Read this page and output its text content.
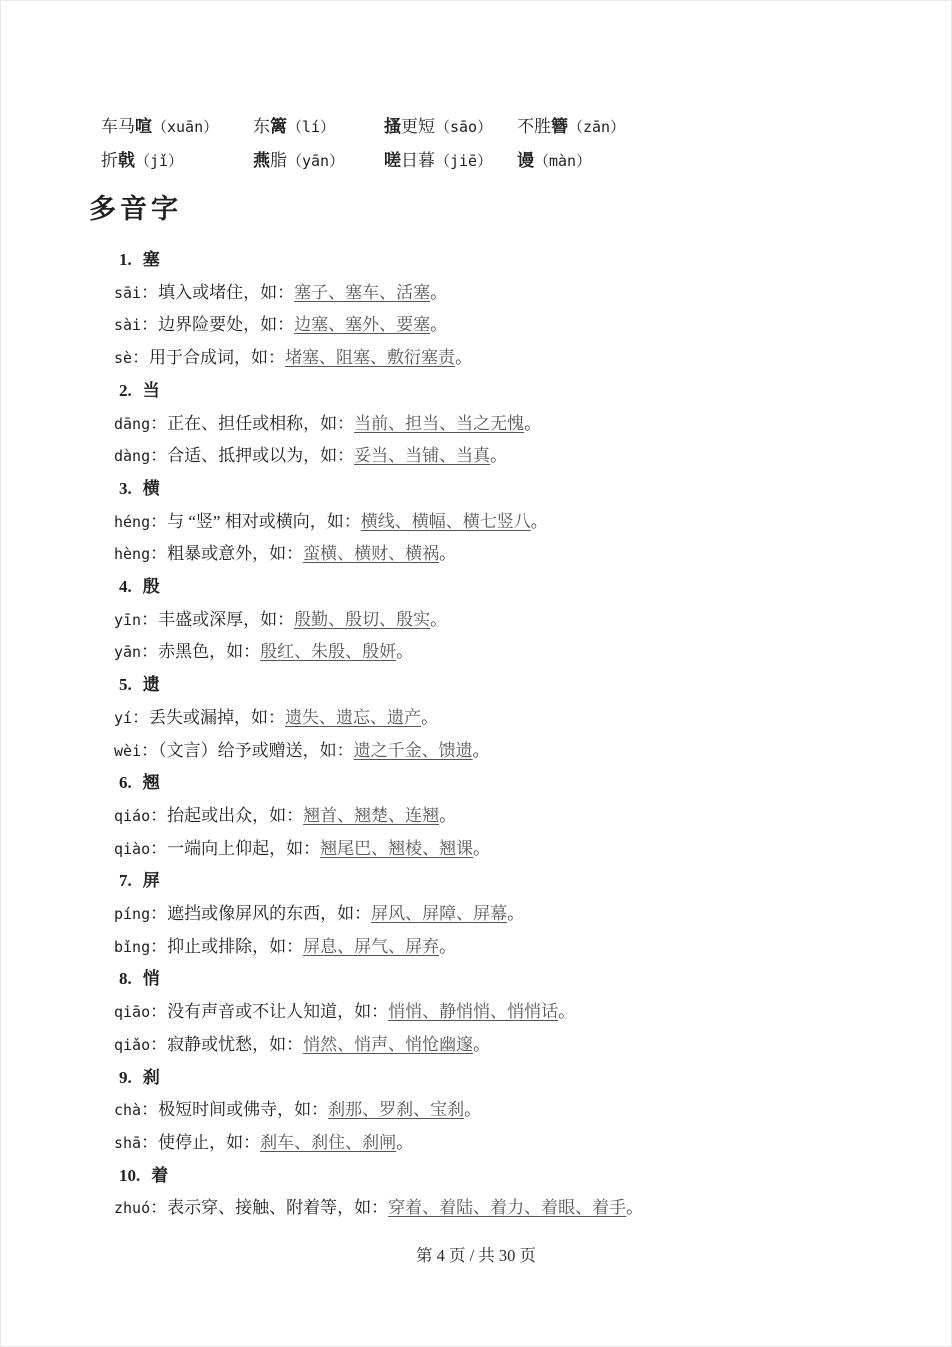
车马喧（xuān）	东篱（lí）	搔更短（sāo）	不胜簪（zān）
折戟（jǐ）	燕脂（yān）	嗟日暮（jiē）	谩（màn）
多音字
1. 塞
sāi：填入或堵住，如：塞子、塞车、活塞。
sài：边界险要处，如：边塞、塞外、要塞。
sè：用于合成词，如：堵塞、阻塞、敷衍塞责。
2. 当
dāng：正在、担任或相称，如：当前、担当、当之无愧。
dàng：合适、抵押或以为，如：妥当、当铺、当真。
3. 横
héng：与 “竖” 相对或横向，如：横线、横幅、横七竖八。
hèng：粗暴或意外，如：蛮横、横财、横祸。
4. 殷
yīn：丰盛或深厚，如：殷勤、殷切、殷实。
yān：赤黑色，如：殷红、朱殷、殷妍。
5. 遗
yí：丢失或漏掉，如：遗失、遗忘、遗产。
wèi：（文言）给予或赠送，如：遗之千金、馈遗。
6. 翘
qiáo：抬起或出众，如：翘首、翘楚、连翘。
qiào：一端向上仰起，如：翘尾巴、翘棱、翘课。
7. 屏
píng：遮挡或像屏风的东西，如：屏风、屏障、屏幕。
bǐng：抑止或排除，如：屏息、屏气、屏弃。
8. 悄
qiāo：没有声音或不让人知道，如：悄悄、静悄悄、悄悄话。
qiǎo：寂静或忧愁，如：悄然、悄声、悄怆幽邃。
9. 刹
chà：极短时间或佛寺，如：刹那、罗刹、宝刹。
shā：使停止，如：刹车、刹住、刹闸。
10. 着
zhuó：表示穿、接触、附着等，如：穿着、着陆、着力、着眼、着手。
第 4 页 / 共 30 页
